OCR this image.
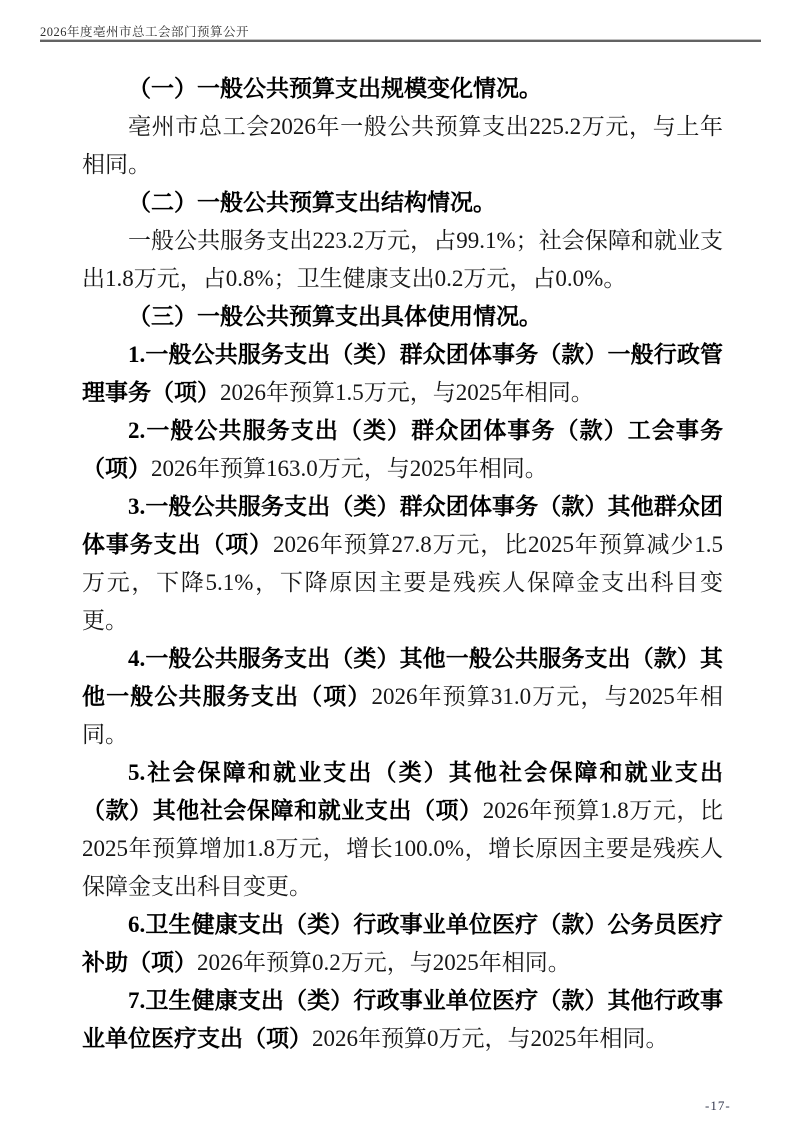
2026年度亳州市总工会部门预算公开

（一）一般公共预算支出规模变化情况。

亳州市总工会2026年一般公共预算支出225.2万元，与上年相同。

（二）一般公共预算支出结构情况。

一般公共服务支出223.2万元，占99.1%；社会保障和就业支出1.8万元，占0.8%；卫生健康支出0.2万元，占0.0%。

（三）一般公共预算支出具体使用情况。

1.一般公共服务支出（类）群众团体事务（款）一般行政管理事务（项）2026年预算1.5万元，与2025年相同。

2.一般公共服务支出（类）群众团体事务（款）工会事务（项）2026年预算163.0万元，与2025年相同。

3.一般公共服务支出（类）群众团体事务（款）其他群众团体事务支出（项）2026年预算27.8万元，比2025年预算减少1.5万元，下降5.1%，下降原因主要是残疾人保障金支出科目变更。

4.一般公共服务支出（类）其他一般公共服务支出（款）其他一般公共服务支出（项）2026年预算31.0万元，与2025年相同。

5.社会保障和就业支出（类）其他社会保障和就业支出（款）其他社会保障和就业支出（项）2026年预算1.8万元，比2025年预算增加1.8万元，增长100.0%，增长原因主要是残疾人保障金支出科目变更。

6.卫生健康支出（类）行政事业单位医疗（款）公务员医疗补助（项）2026年预算0.2万元，与2025年相同。

7.卫生健康支出（类）行政事业单位医疗（款）其他行政事业单位医疗支出（项）2026年预算0万元，与2025年相同。

-17-
